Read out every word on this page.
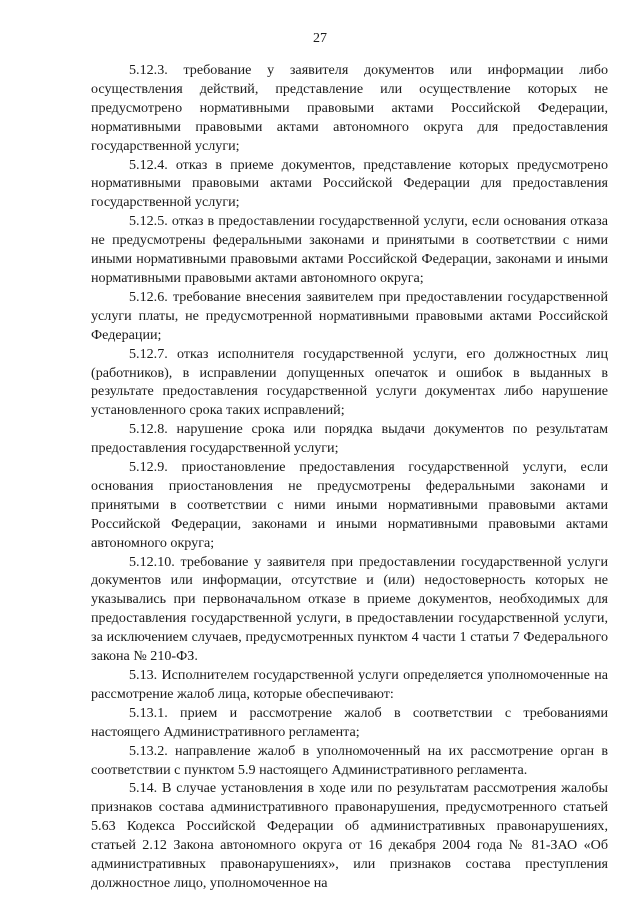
27

5.12.3. требование у заявителя документов или информации либо осуществления действий, представление или осуществление которых не предусмотрено нормативными правовыми актами Российской Федерации, нормативными правовыми актами автономного округа для предоставления государственной услуги;

5.12.4. отказ в приеме документов, представление которых предусмотрено нормативными правовыми актами Российской Федерации для предоставления государственной услуги;

5.12.5. отказ в предоставлении государственной услуги, если основания отказа не предусмотрены федеральными законами и принятыми в соответствии с ними иными нормативными правовыми актами Российской Федерации, законами и иными нормативными правовыми актами автономного округа;

5.12.6. требование внесения заявителем при предоставлении государственной услуги платы, не предусмотренной нормативными правовыми актами Российской Федерации;

5.12.7. отказ исполнителя государственной услуги, его должностных лиц (работников), в исправлении допущенных опечаток и ошибок в выданных в результате предоставления государственной услуги документах либо нарушение установленного срока таких исправлений;

5.12.8. нарушение срока или порядка выдачи документов по результатам предоставления государственной услуги;

5.12.9. приостановление предоставления государственной услуги, если основания приостановления не предусмотрены федеральными законами и принятыми в соответствии с ними иными нормативными правовыми актами Российской Федерации, законами и иными нормативными правовыми актами автономного округа;

5.12.10. требование у заявителя при предоставлении государственной услуги документов или информации, отсутствие и (или) недостоверность которых не указывались при первоначальном отказе в приеме документов, необходимых для предоставления государственной услуги, в предоставлении государственной услуги, за исключением случаев, предусмотренных пунктом 4 части 1 статьи 7 Федерального закона № 210-ФЗ.

5.13. Исполнителем государственной услуги определяется уполномоченные на рассмотрение жалоб лица, которые обеспечивают:

5.13.1. прием и рассмотрение жалоб в соответствии с требованиями настоящего Административного регламента;

5.13.2. направление жалоб в уполномоченный на их рассмотрение орган в соответствии с пунктом 5.9 настоящего Административного регламента.

5.14. В случае установления в ходе или по результатам рассмотрения жалобы признаков состава административного правонарушения, предусмотренного статьей 5.63 Кодекса Российской Федерации об административных правонарушениях, статьей 2.12 Закона автономного округа от 16 декабря 2004 года № 81-ЗАО «Об административных правонарушениях», или признаков состава преступления должностное лицо, уполномоченное на
